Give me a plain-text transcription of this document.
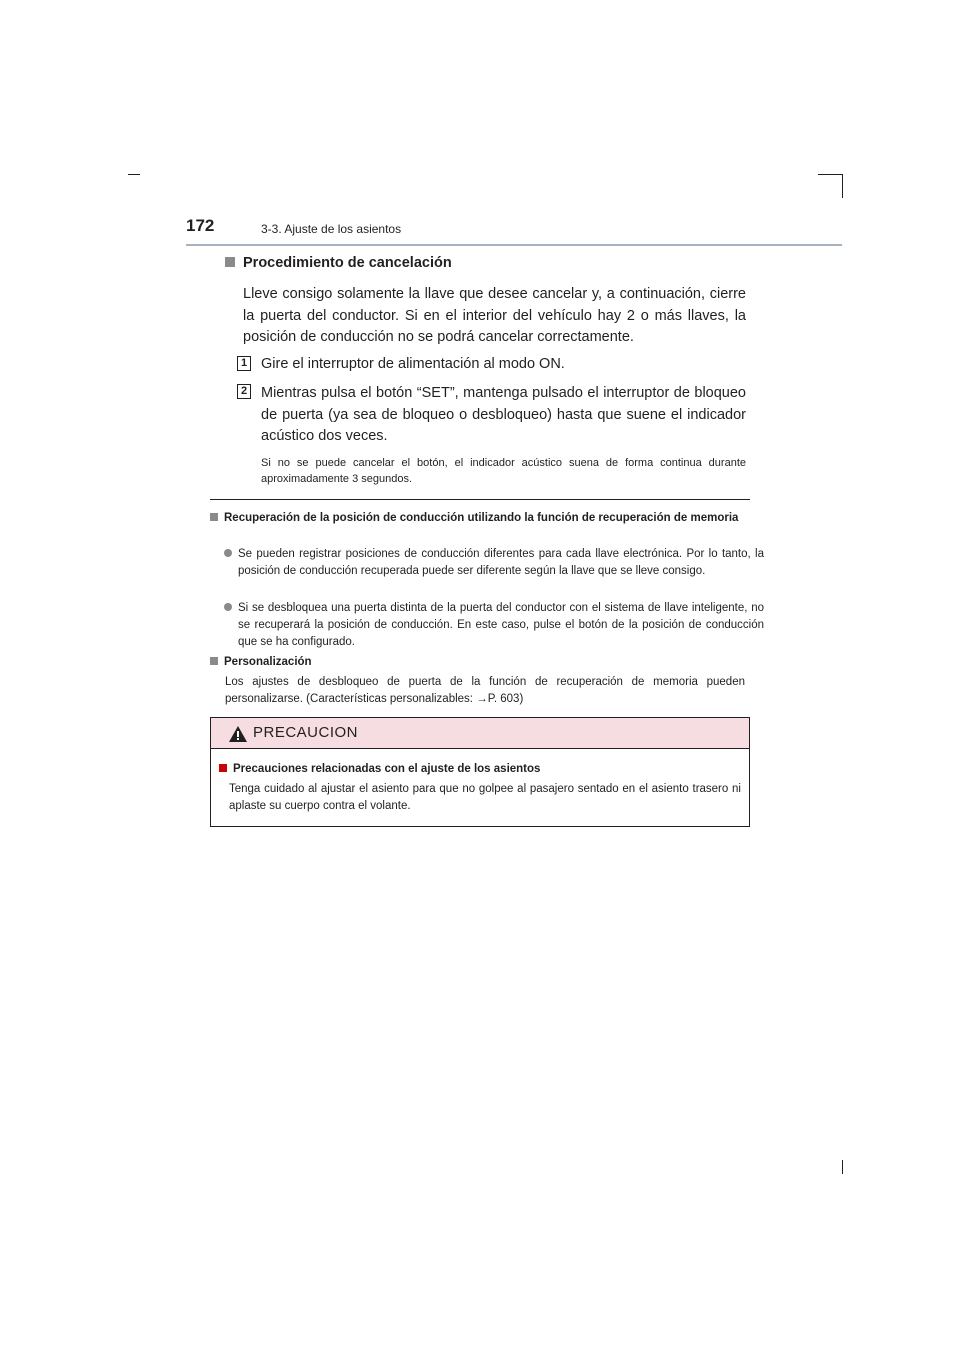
172	3-3. Ajuste de los asientos
Procedimiento de cancelación
Lleve consigo solamente la llave que desee cancelar y, a continuación, cierre la puerta del conductor. Si en el interior del vehículo hay 2 o más llaves, la posición de conducción no se podrá cancelar correctamente.
1 Gire el interruptor de alimentación al modo ON.
2 Mientras pulsa el botón “SET”, mantenga pulsado el interruptor de bloqueo de puerta (ya sea de bloqueo o desbloqueo) hasta que suene el indicador acústico dos veces.
Si no se puede cancelar el botón, el indicador acústico suena de forma continua durante aproximadamente 3 segundos.
Recuperación de la posición de conducción utilizando la función de recuperación de memoria
Se pueden registrar posiciones de conducción diferentes para cada llave electrónica. Por lo tanto, la posición de conducción recuperada puede ser diferente según la llave que se lleve consigo.
Si se desbloquea una puerta distinta de la puerta del conductor con el sistema de llave inteligente, no se recuperará la posición de conducción. En este caso, pulse el botón de la posición de conducción que se ha configurado.
Personalización
Los ajustes de desbloqueo de puerta de la función de recuperación de memoria pueden personalizarse. (Características personalizables: →P. 603)
PRECAUCION
Precauciones relacionadas con el ajuste de los asientos
Tenga cuidado al ajustar el asiento para que no golpee al pasajero sentado en el asiento trasero ni aplaste su cuerpo contra el volante.
